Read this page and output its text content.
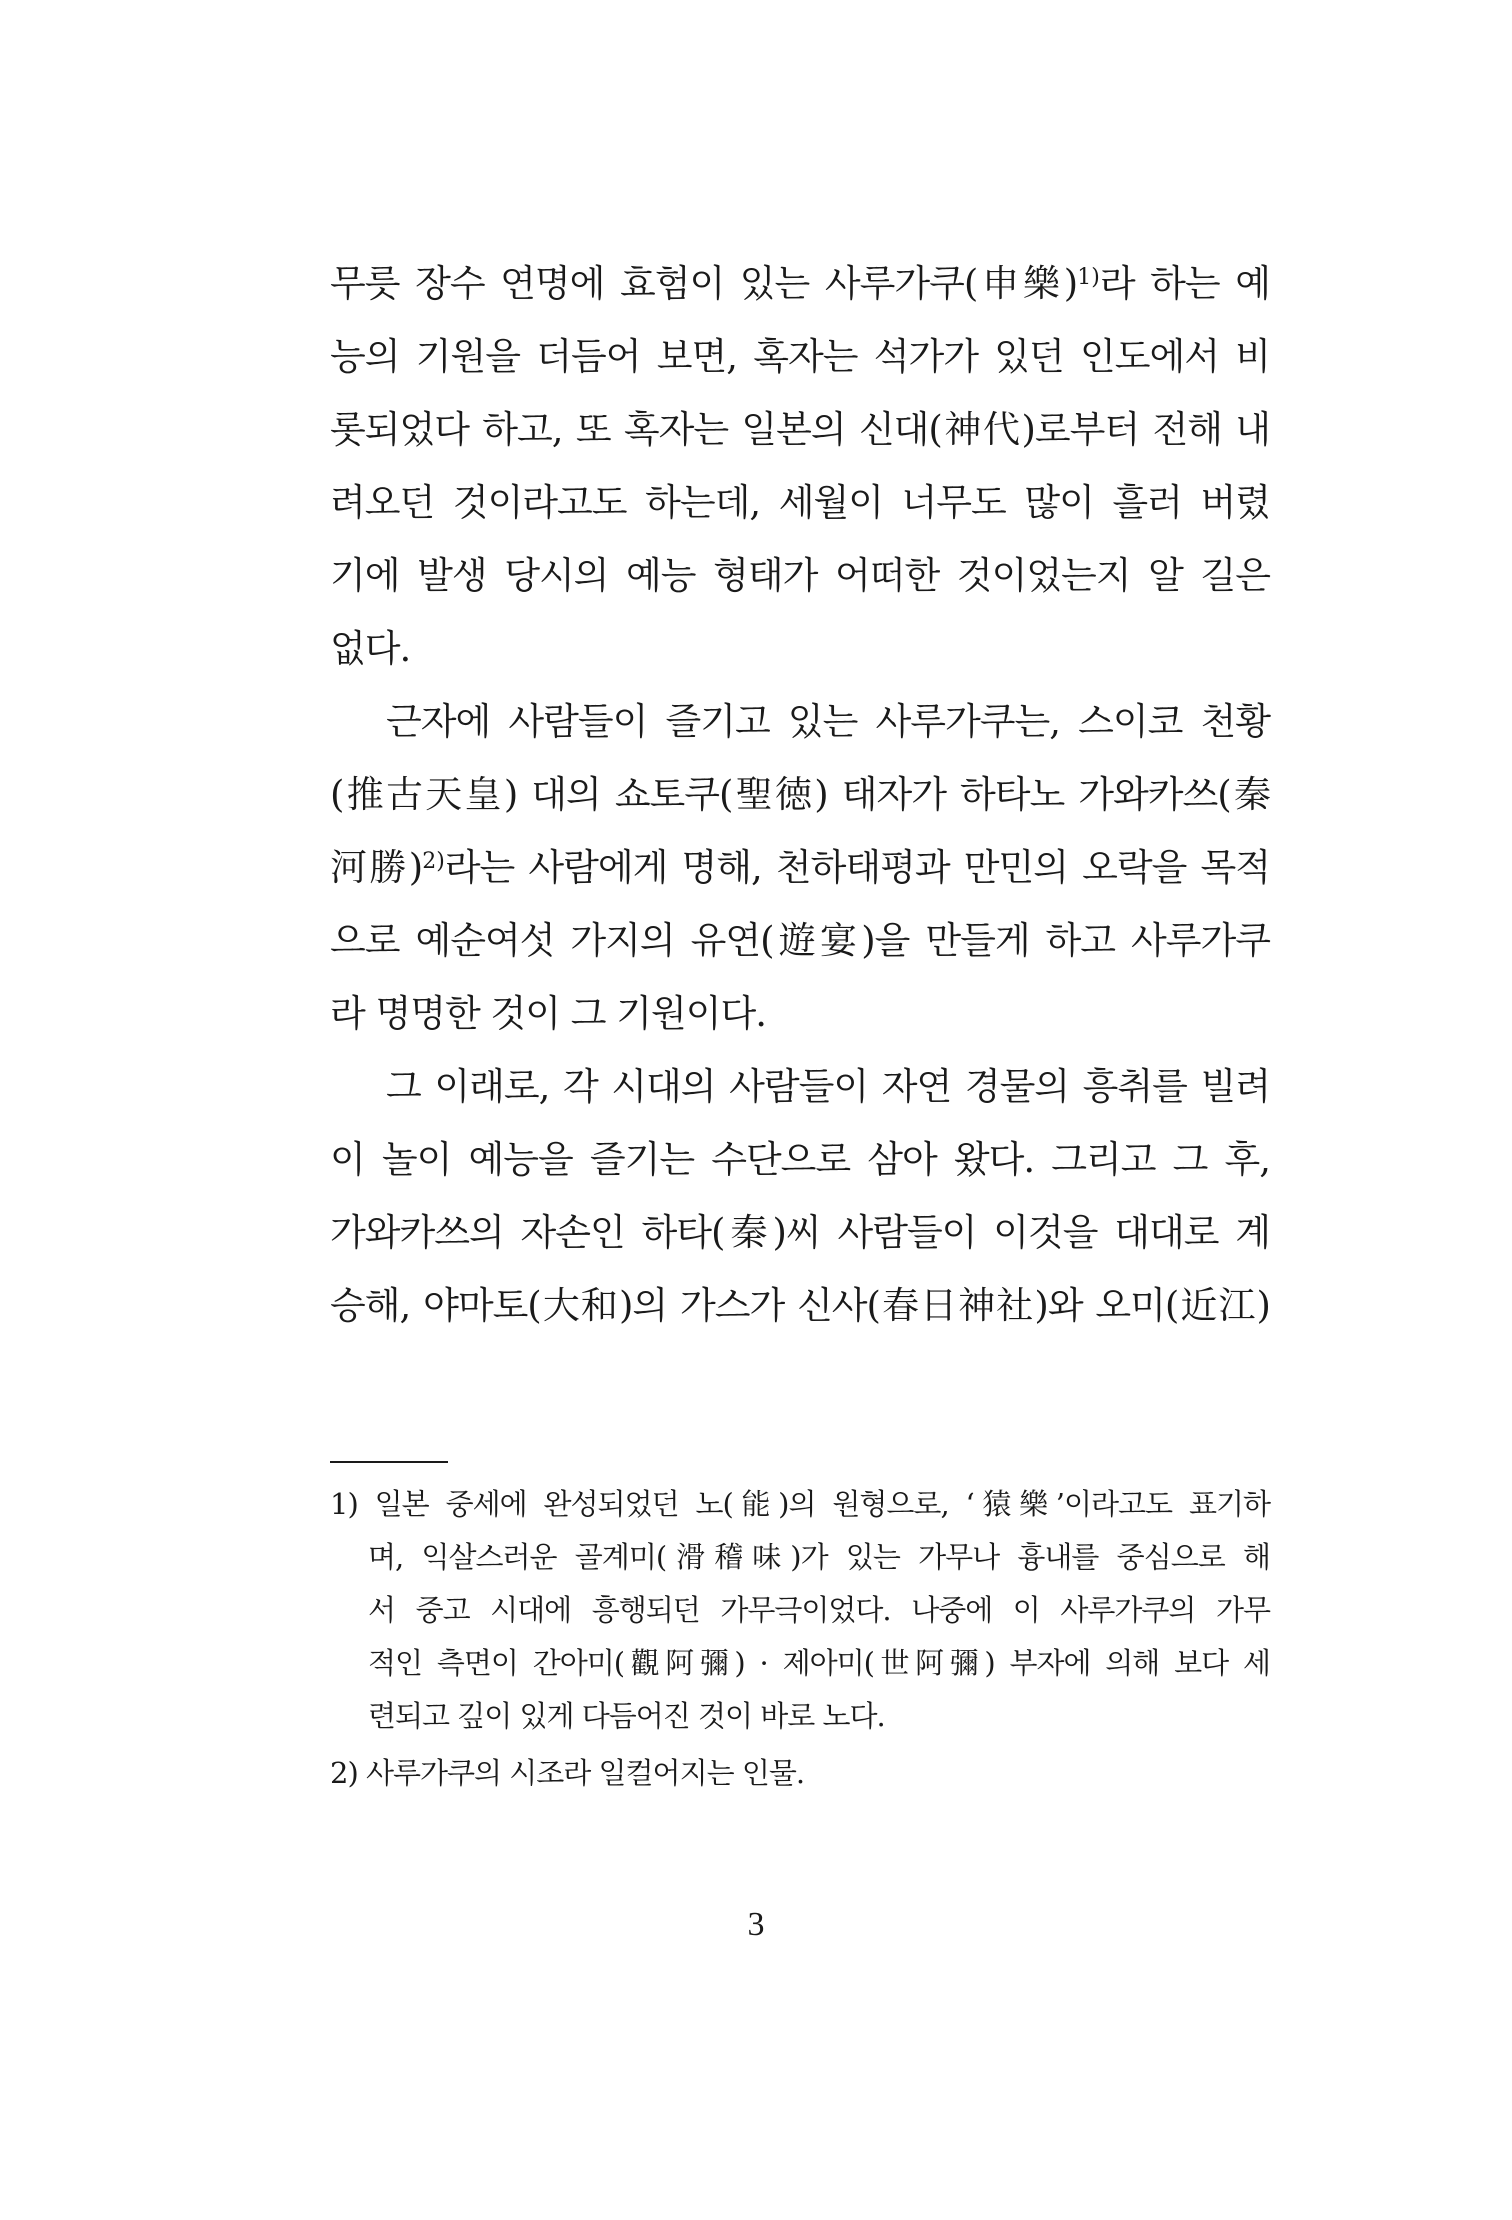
무릇 장수 연명에 효험이 있는 사루가쿠(申樂)$^{1)}$라 하는 예
능의 기원을 더듬어 보면, 혹자는 석가가 있던 인도에서 비
롯되었다 하고, 또 혹자는 일본의 신대(神代)로부터 전해 내
려오던 것이라고도 하는데, 세월이 너무도 많이 흘러 버렸
기에 발생 당시의 예능 형태가 어떠한 것이었는지 알 길은
없다.
근자에 사람들이 즐기고 있는 사루가쿠는, 스이코 천황
(推古天皇) 대의 쇼토쿠(聖徳) 태자가 하타노 가와카쓰(秦
河勝)$^{2)}$라는 사람에게 명해, 천하태평과 만민의 오락을 목적
으로 예순여섯 가지의 유연(遊宴)을 만들게 하고 사루가쿠
라 명명한 것이 그 기원이다.
그 이래로, 각 시대의 사람들이 자연 경물의 흥취를 빌려
이 놀이 예능을 즐기는 수단으로 삼아 왔다. 그리고 그 후,
가와카쓰의 자손인 하타(秦)씨 사람들이 이것을 대대로 계
승해, 야마토(大和)의 가스가 신사(春日神社)와 오미(近江)
1) 일본 중세에 완성되었던 노(能)의 원형으로, ‘猿樂’이라고도 표기하
며, 익살스러운 골계미(滑稽味)가 있는 가무나 흉내를 중심으로 해
서 중고 시대에 흥행되던 가무극이었다. 나중에 이 사루가쿠의 가무
적인 측면이 간아미(觀阿彌) · 제아미(世阿彌) 부자에 의해 보다 세
련되고 깊이 있게 다듬어진 것이 바로 노다.
2) 사루가쿠의 시조라 일컬어지는 인물.
3
